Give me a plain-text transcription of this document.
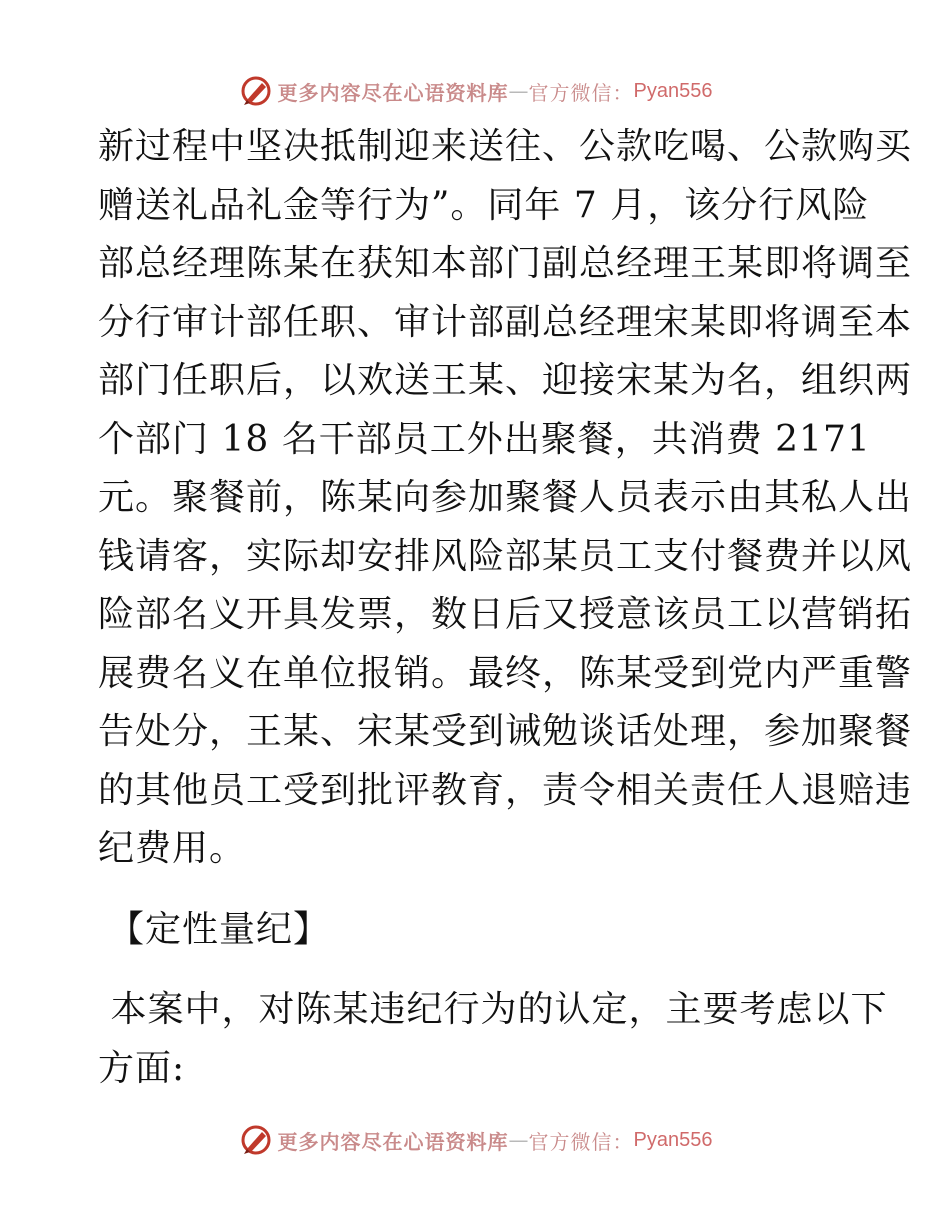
更多内容尽在心语资料库 — 官方微信： Pyan556
新过程中坚决抵制迎来送往、公款吃喝、公款购买
赠送礼品礼金等行为”。同年 7 月，该分行风险
部总经理陈某在获知本部门副总经理王某即将调至
分行审计部任职、审计部副总经理宋某即将调至本
部门任职后，以欢送王某、迎接宋某为名，组织两
个部门 18 名干部员工外出聚餐，共消费 2171
元。聚餐前，陈某向参加聚餐人员表示由其私人出
钱请客，实际却安排风险部某员工支付餐费并以风
险部名义开具发票，数日后又授意该员工以营销拓
展费名义在单位报销。最终，陈某受到党内严重警
告处分，王某、宋某受到诫勉谈话处理，参加聚餐
的其他员工受到批评教育，责令相关责任人退赔违
纪费用。
【定性量纪】
本案中，对陈某违纪行为的认定，主要考虑以下
方面:
更多内容尽在心语资料库 — 官方微信： Pyan556
